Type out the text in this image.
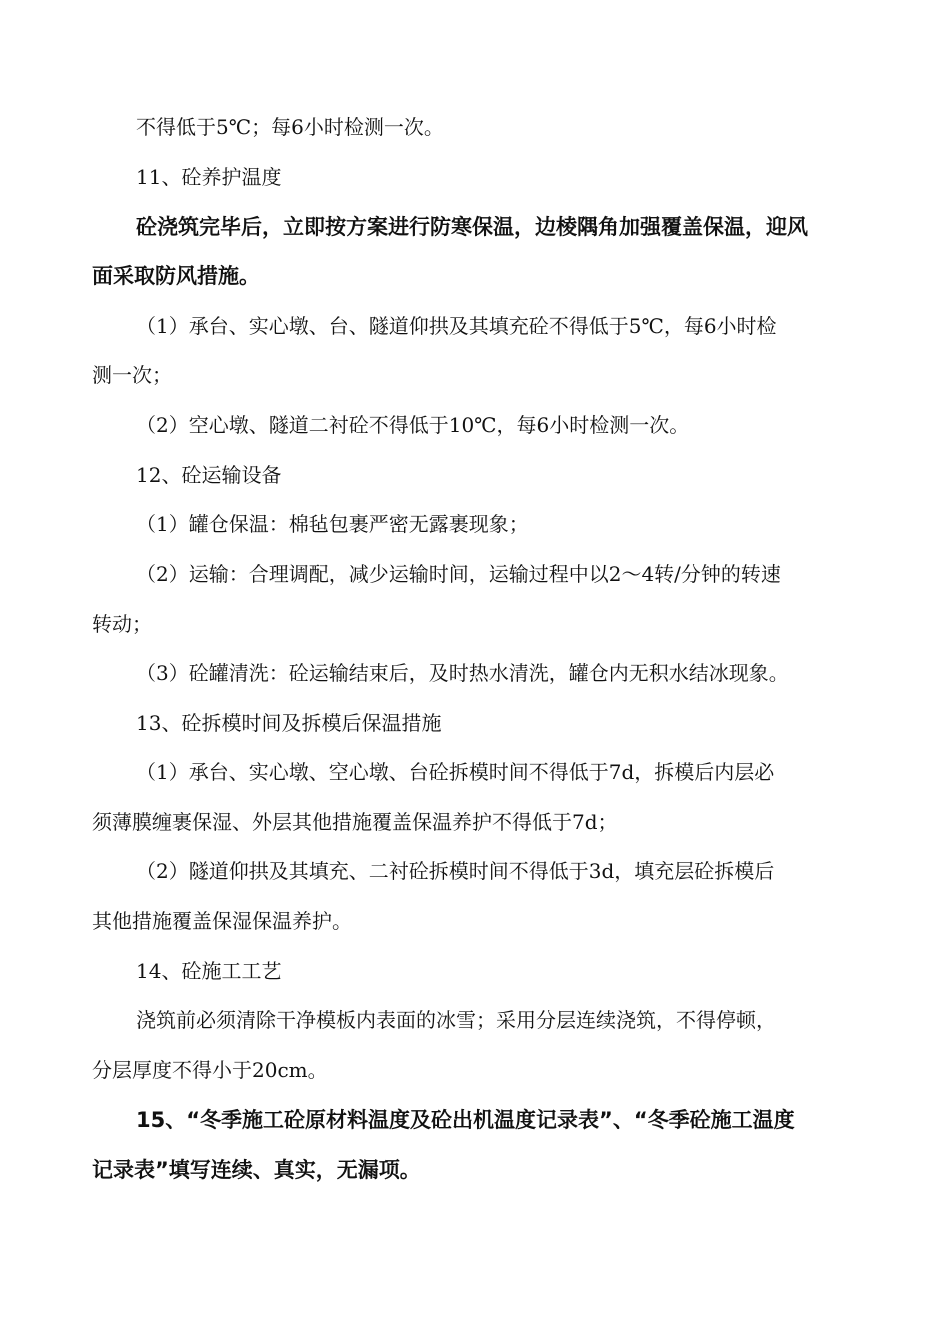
不得低于5℃；每6小时检测一次。
11、砼养护温度
砼浇筑完毕后，立即按方案进行防寒保温，边棱隅角加强覆盖保温，迎风
面采取防风措施。
（1）承台、实心墩、台、隧道仰拱及其填充砼不得低于5℃，每6小时检
测一次；
（2）空心墩、隧道二衬砼不得低于10℃，每6小时检测一次。
12、砼运输设备
（1）罐仓保温：棉毡包裹严密无露裹现象；
（2）运输：合理调配，减少运输时间，运输过程中以2～4转/分钟的转速
转动；
（3）砼罐清洗：砼运输结束后，及时热水清洗，罐仓内无积水结冰现象。
13、砼拆模时间及拆模后保温措施
（1）承台、实心墩、空心墩、台砼拆模时间不得低于7d，拆模后内层必
须薄膜缠裹保湿、外层其他措施覆盖保温养护不得低于7d；
（2）隧道仰拱及其填充、二衬砼拆模时间不得低于3d，填充层砼拆模后
其他措施覆盖保湿保温养护。
14、砼施工工艺
浇筑前必须清除干净模板内表面的冰雪；采用分层连续浇筑，不得停顿，
分层厚度不得小于20cm。
15、“冬季施工砼原材料温度及砼出机温度记录表”、“冬季砼施工温度
记录表”填写连续、真实，无漏项。
